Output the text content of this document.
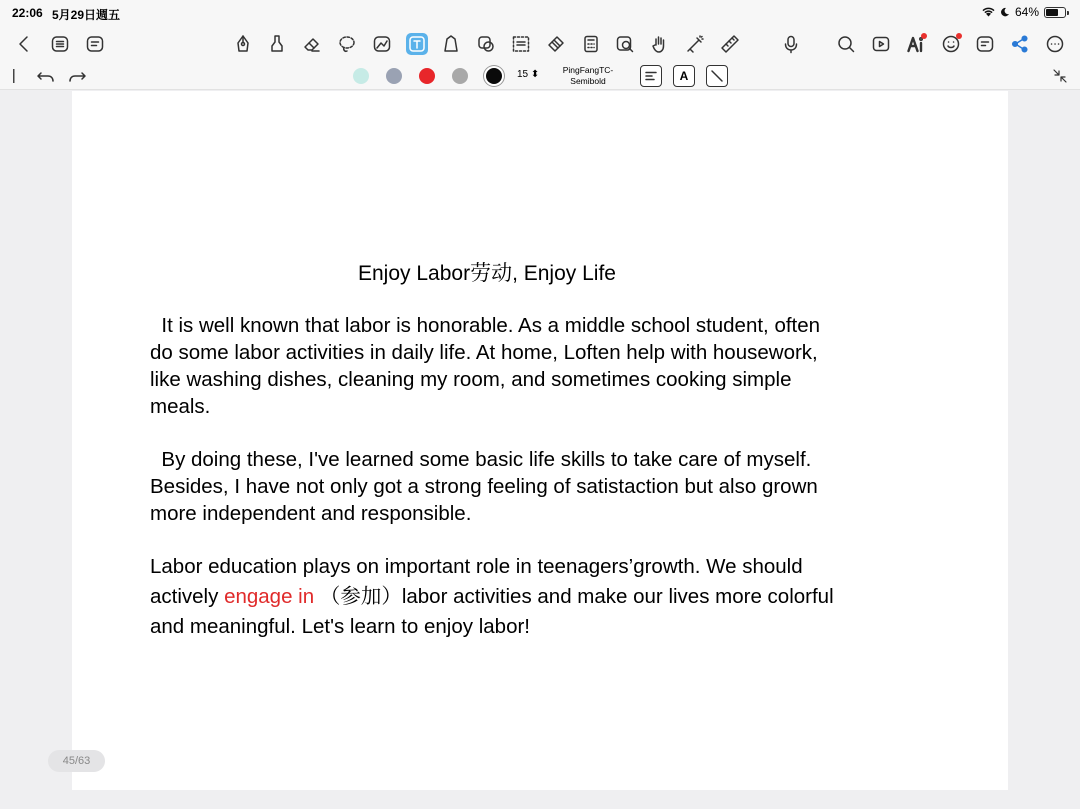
22:06 5月29日週五	64%
15 ⬍	PingFangTC-
Semibold	A
Enjoy Labor劳动, Enjoy Life
It is well known that labor is honorable. As a middle school student, often
do some labor activities in daily life. At home, Loften help with housework,
like washing dishes, cleaning my room, and sometimes cooking simple
meals.
By doing these, I've learned some basic life skills to take care of myself.
Besides, I have not only got a strong feeling of satistaction but also grown
more independent and responsible.
Labor education plays on important role in teenagers’growth. We should
actively engage in （参加）labor activities and make our lives more colorful
and meaningful. Let's learn to enjoy labor!
45/63
